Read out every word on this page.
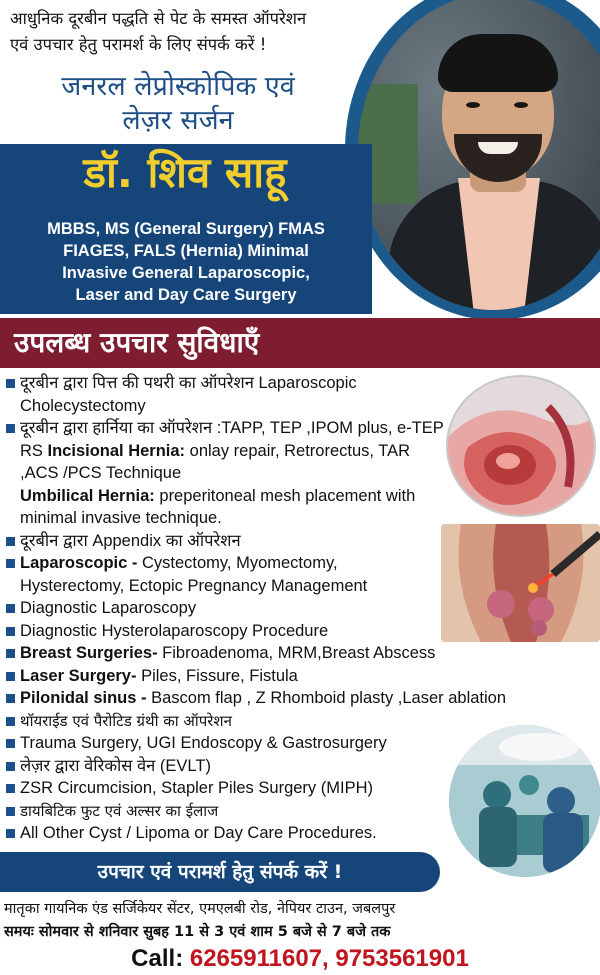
आधुनिक दूरबीन पद्धति से पेट के समस्त ऑपरेशन
एवं उपचार हेतु परामर्श के लिए संपर्क करें !
जनरल लेप्रोस्कोपिक एवं
लेज़र सर्जन
डॉ. शिव साहू
MBBS, MS (General Surgery) FMAS
FIAGES, FALS (Hernia) Minimal
Invasive General Laparoscopic,
Laser and Day Care Surgery
उपलब्ध उपचार सुविधाएँ
दूरबीन द्वारा पित्त की पथरी का ऑपरेशन Laparoscopic Cholecystectomy
दूरबीन द्वारा हार्निया का ऑपरेशन :TAPP, TEP ,IPOM plus, e-TEP RS Incisional Hernia: onlay repair, Retrorectus, TAR ,ACS /PCS Technique
Umbilical Hernia: preperitoneal mesh placement with minimal invasive technique.
दूरबीन द्वारा Appendix का ऑपरेशन
Laparoscopic - Cystectomy, Myomectomy, Hysterectomy, Ectopic Pregnancy Management
Diagnostic Laparoscopy
Diagnostic Hysterolaparoscopy Procedure
Breast Surgeries- Fibroadenoma, MRM,Breast Abscess
Laser Surgery- Piles, Fissure, Fistula
Pilonidal sinus - Bascom flap , Z Rhomboid plasty ,Laser ablation
थॉयराईड एवं पैरोटिड ग्रंथी का ऑपरेशन
Trauma Surgery, UGI Endoscopy & Gastrosurgery
लेज़र द्वारा वेरिकोस वेन (EVLT)
ZSR Circumcision, Stapler Piles Surgery (MIPH)
डायबिटिक फुट एवं अल्सर का ईलाज
All Other Cyst / Lipoma or Day Care Procedures.
उपचार एवं परामर्श हेतु संपर्क करें !
मातृका गायनिक एंड सर्जिकेयर सेंटर, एमएलबी रोड, नेपियर टाउन, जबलपुर
समयः सोमवार से शनिवार सुबह 11 से 3 एवं शाम 5 बजे से 7 बजे तक
Call: 6265911607, 9753561901
